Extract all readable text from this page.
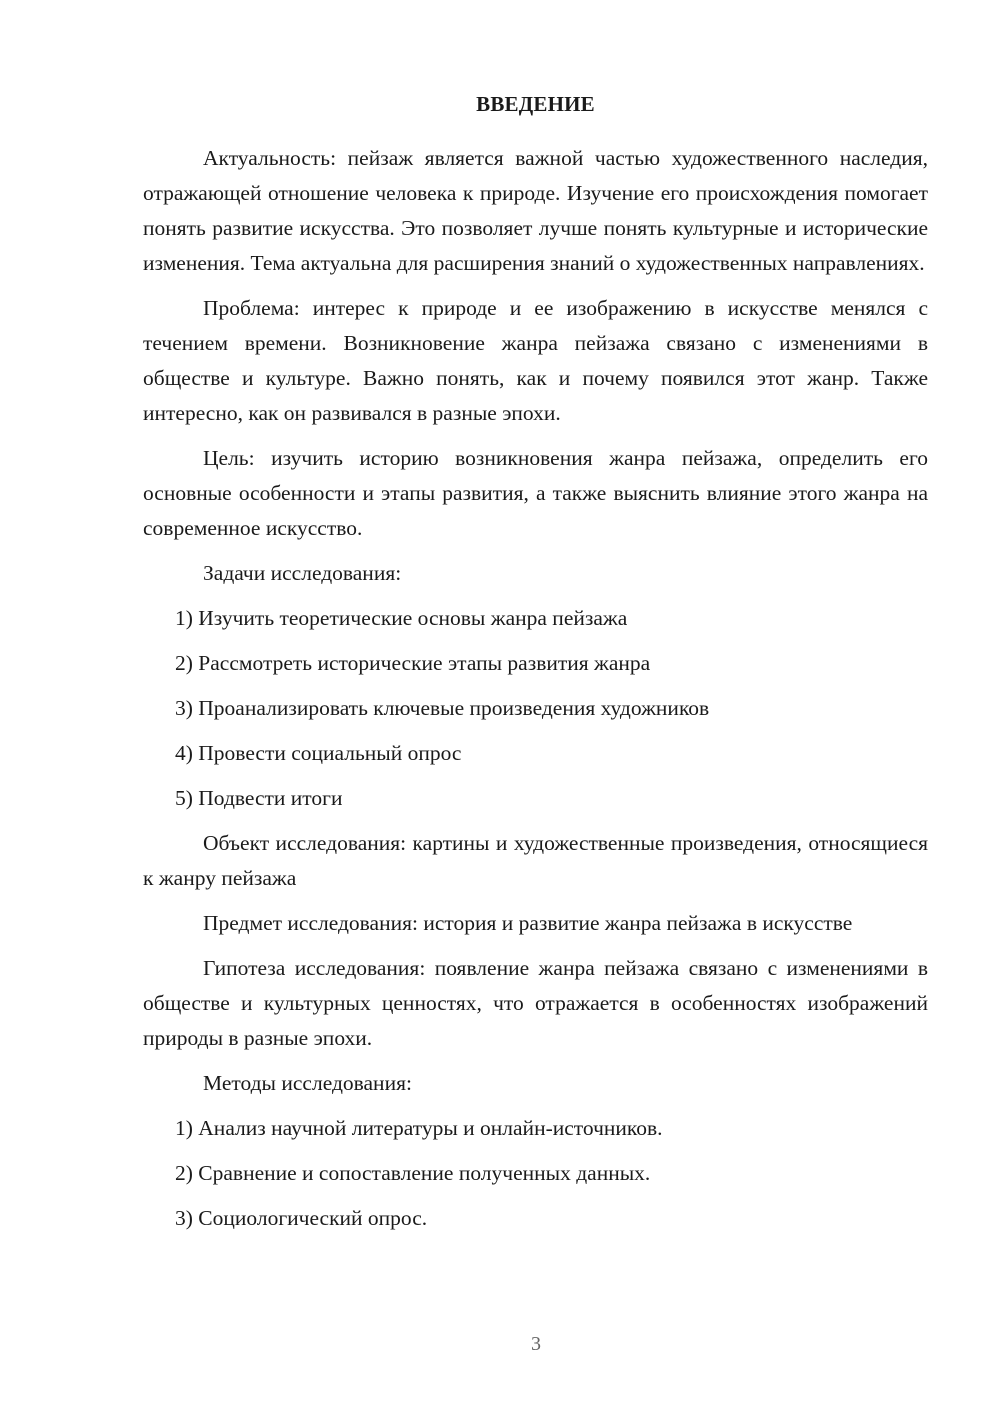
ВВЕДЕНИЕ

Актуальность: пейзаж является важной частью художественного наследия, отражающей отношение человека к природе. Изучение его происхождения помогает понять развитие искусства. Это позволяет лучше понять культурные и исторические изменения. Тема актуальна для расширения знаний о художественных направлениях.

Проблема: интерес к природе и ее изображению в искусстве менялся с течением времени. Возникновение жанра пейзажа связано с изменениями в обществе и культуре. Важно понять, как и почему появился этот жанр. Также интересно, как он развивался в разные эпохи.

Цель: изучить историю возникновения жанра пейзажа, определить его основные особенности и этапы развития, а также выяснить влияние этого жанра на современное искусство.

Задачи исследования:

1) Изучить теоретические основы жанра пейзажа
2) Рассмотреть исторические этапы развития жанра
3) Проанализировать ключевые произведения художников
4) Провести социальный опрос
5) Подвести итоги

Объект исследования: картины и художественные произведения, относящиеся к жанру пейзажа

Предмет исследования: история и развитие жанра пейзажа в искусстве

Гипотеза исследования: появление жанра пейзажа связано с изменениями в обществе и культурных ценностях, что отражается в особенностях изображений природы в разные эпохи.

Методы исследования:

1) Анализ научной литературы и онлайн-источников.
2) Сравнение и сопоставление полученных данных.
3) Социологический опрос.
3
